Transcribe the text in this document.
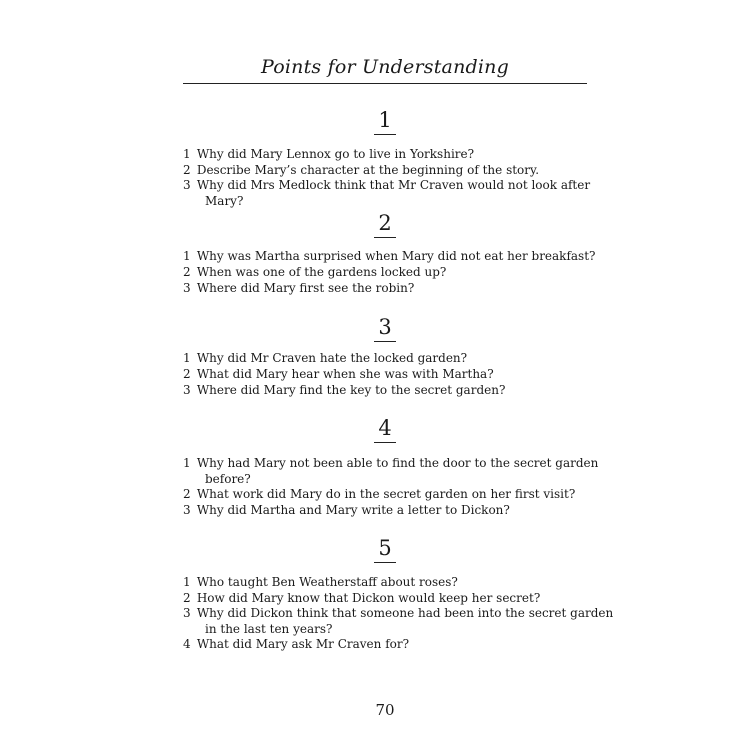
Points for Understanding
1
1 Why did Mary Lennox go to live in Yorkshire?
2 Describe Mary’s character at the beginning of the story.
3 Why did Mrs Medlock think that Mr Craven would not look after
Mary?
2
1 Why was Martha surprised when Mary did not eat her breakfast?
2 When was one of the gardens locked up?
3 Where did Mary first see the robin?
3
1 Why did Mr Craven hate the locked garden?
2 What did Mary hear when she was with Martha?
3 Where did Mary find the key to the secret garden?
4
1 Why had Mary not been able to find the door to the secret garden
before?
2 What work did Mary do in the secret garden on her first visit?
3 Why did Martha and Mary write a letter to Dickon?
5
1 Who taught Ben Weatherstaff about roses?
2 How did Mary know that Dickon would keep her secret?
3 Why did Dickon think that someone had been into the secret garden
in the last ten years?
4 What did Mary ask Mr Craven for?
70
